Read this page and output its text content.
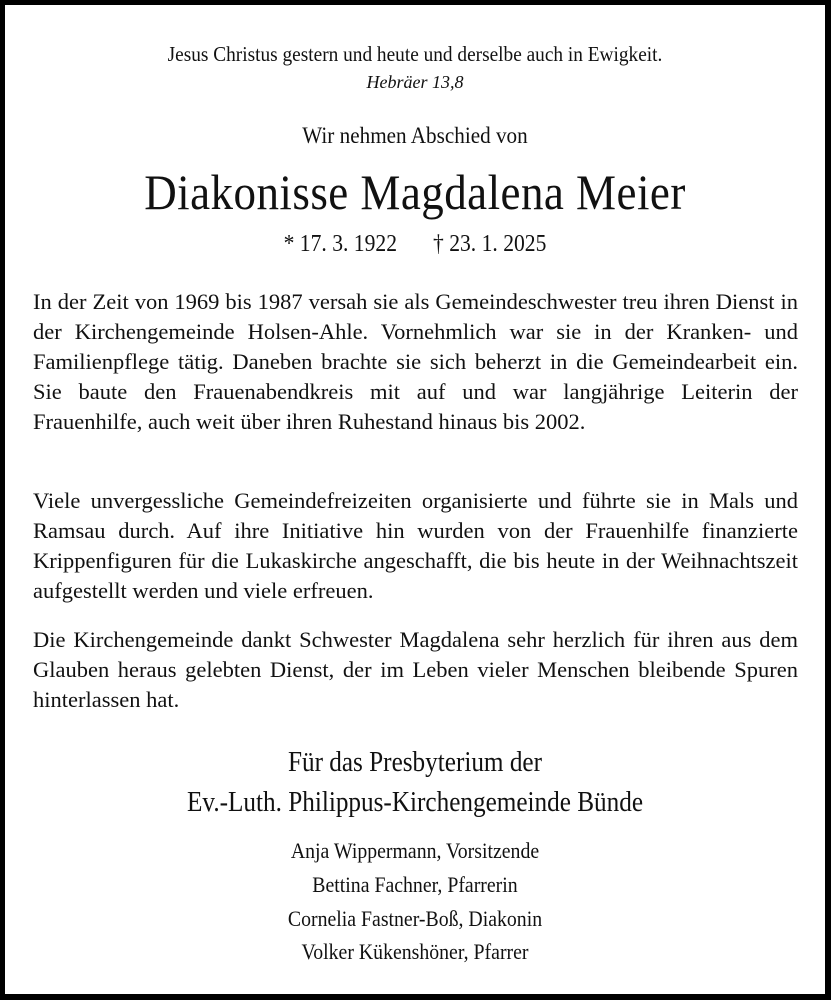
Jesus Christus gestern und heute und derselbe auch in Ewigkeit.
Hebräer 13,8
Wir nehmen Abschied von
Diakonisse Magdalena Meier
* 17. 3. 1922 † 23. 1. 2025
In der Zeit von 1969 bis 1987 versah sie als Gemeindeschwester treu ihren Dienst in der Kirchengemeinde Holsen-Ahle. Vornehmlich war sie in der Kranken- und Familienpflege tätig. Daneben brachte sie sich beherzt in die Gemeindearbeit ein. Sie baute den Frauenabendkreis mit auf und war langjährige Leiterin der Frauenhilfe, auch weit über ihren Ruhestand hinaus bis 2002.
Viele unvergessliche Gemeindefreizeiten organisierte und führte sie in Mals und Ramsau durch. Auf ihre Initiative hin wurden von der Frauenhilfe finanzierte Krippenfiguren für die Lukaskirche angeschafft, die bis heute in der Weihnachtszeit aufgestellt werden und viele erfreuen.
Die Kirchengemeinde dankt Schwester Magdalena sehr herzlich für ihren aus dem Glauben heraus gelebten Dienst, der im Leben vieler Menschen bleibende Spuren hinterlassen hat.
Für das Presbyterium der
Ev.-Luth. Philippus-Kirchengemeinde Bünde
Anja Wippermann, Vorsitzende
Bettina Fachner, Pfarrerin
Cornelia Fastner-Boß, Diakonin
Volker Kükenshöner, Pfarrer
